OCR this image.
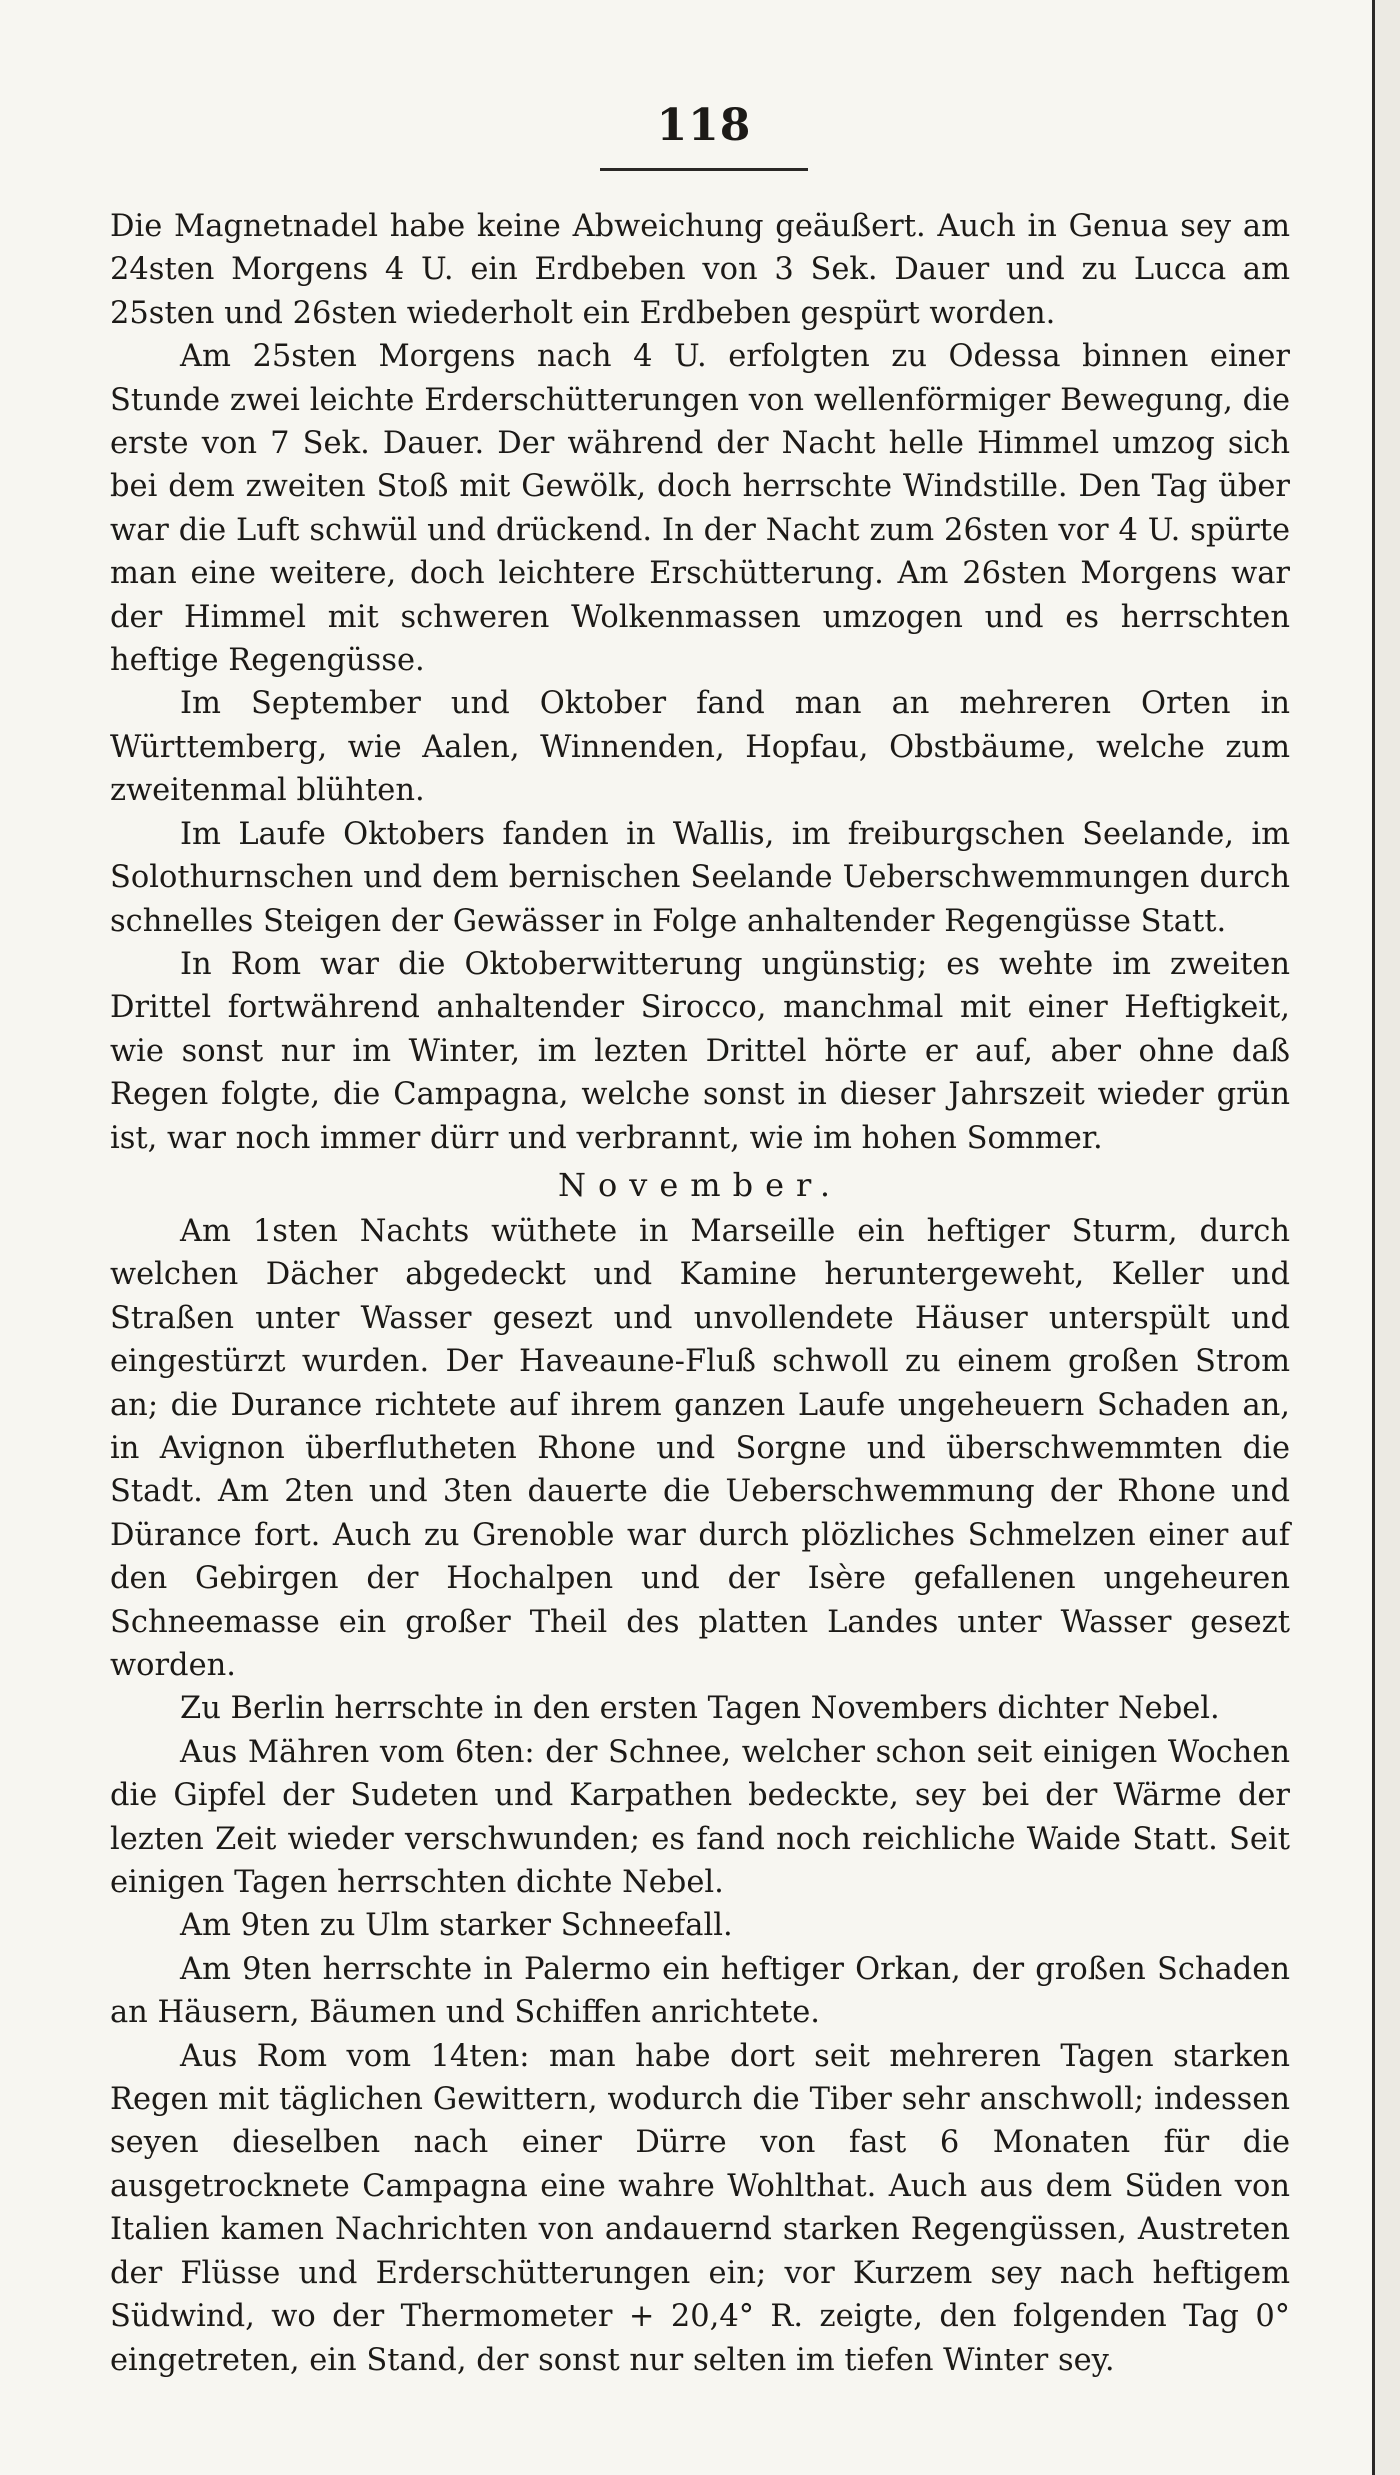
118

Die Magnetnadel habe keine Abweichung geäußert. Auch in Genua sey am 24sten Morgens 4 U. ein Erdbeben von 3 Sek. Dauer und zu Lucca am 25sten und 26sten wiederholt ein Erdbeben gespürt worden.

Am 25sten Morgens nach 4 U. erfolgten zu Odessa binnen einer Stunde zwei leichte Erderschütterungen von wellenförmiger Bewegung, die erste von 7 Sek. Dauer. Der während der Nacht helle Himmel umzog sich bei dem zweiten Stoß mit Gewölk, doch herrschte Windstille. Den Tag über war die Luft schwül und drückend. In der Nacht zum 26sten vor 4 U. spürte man eine weitere, doch leichtere Erschütterung. Am 26sten Morgens war der Himmel mit schweren Wolkenmassen umzogen und es herrschten heftige Regengüsse.

Im September und Oktober fand man an mehreren Orten in Württemberg, wie Aalen, Winnenden, Hopfau, Obstbäume, welche zum zweitenmal blühten.

Im Laufe Oktobers fanden in Wallis, im freiburgschen Seelande, im Solothurnschen und dem bernischen Seelande Ueberschwemmungen durch schnelles Steigen der Gewässer in Folge anhaltender Regengüsse Statt.

In Rom war die Oktoberwitterung ungünstig; es wehte im zweiten Drittel fortwährend anhaltender Sirocco, manchmal mit einer Heftigkeit, wie sonst nur im Winter, im lezten Drittel hörte er auf, aber ohne daß Regen folgte, die Campagna, welche sonst in dieser Jahrszeit wieder grün ist, war noch immer dürr und verbrannt, wie im hohen Sommer.

November.

Am 1sten Nachts wüthete in Marseille ein heftiger Sturm, durch welchen Dächer abgedeckt und Kamine heruntergeweht, Keller und Straßen unter Wasser gesezt und unvollendete Häuser unterspült und eingestürzt wurden. Der Haveaune-Fluß schwoll zu einem großen Strom an; die Durance richtete auf ihrem ganzen Laufe ungeheuern Schaden an, in Avignon überflutheten Rhone und Sorgne und überschwemmten die Stadt. Am 2ten und 3ten dauerte die Ueberschwemmung der Rhone und Dürance fort. Auch zu Grenoble war durch plözliches Schmelzen einer auf den Gebirgen der Hochalpen und der Isère gefallenen ungeheuren Schneemasse ein großer Theil des platten Landes unter Wasser gesezt worden.

Zu Berlin herrschte in den ersten Tagen Novembers dichter Nebel.

Aus Mähren vom 6ten: der Schnee, welcher schon seit einigen Wochen die Gipfel der Sudeten und Karpathen bedeckte, sey bei der Wärme der lezten Zeit wieder verschwunden; es fand noch reichliche Waide Statt. Seit einigen Tagen herrschten dichte Nebel.

Am 9ten zu Ulm starker Schneefall.

Am 9ten herrschte in Palermo ein heftiger Orkan, der großen Schaden an Häusern, Bäumen und Schiffen anrichtete.

Aus Rom vom 14ten: man habe dort seit mehreren Tagen starken Regen mit täglichen Gewittern, wodurch die Tiber sehr anschwoll; indessen seyen dieselben nach einer Dürre von fast 6 Monaten für die ausgetrocknete Campagna eine wahre Wohlthat. Auch aus dem Süden von Italien kamen Nachrichten von andauernd starken Regengüssen, Austreten der Flüsse und Erderschütterungen ein; vor Kurzem sey nach heftigem Südwind, wo der Thermometer + 20,4° R. zeigte, den folgenden Tag 0° eingetreten, ein Stand, der sonst nur selten im tiefen Winter sey.
